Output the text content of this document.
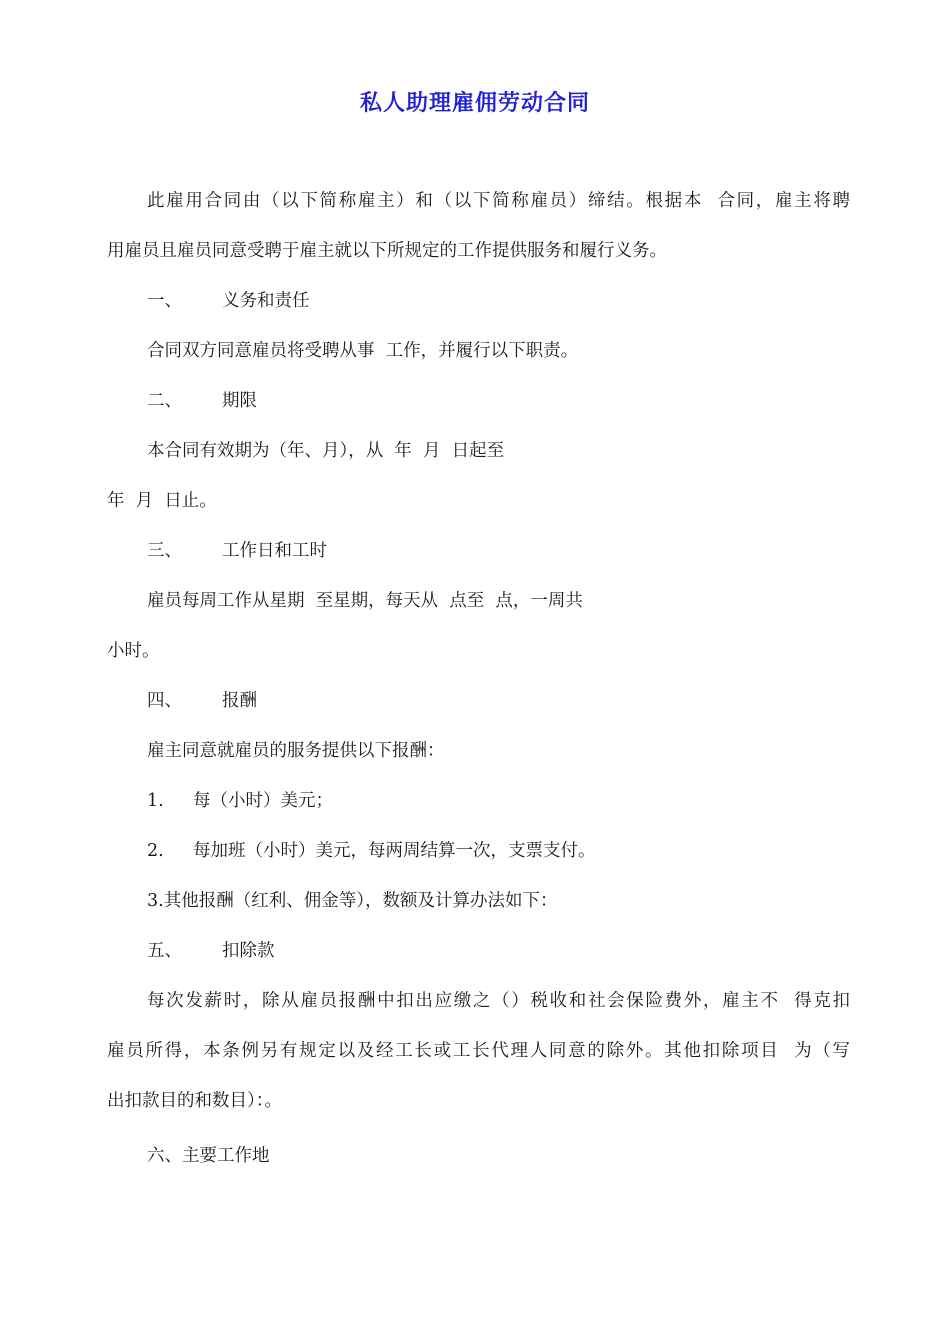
私人助理雇佣劳动合同
此雇用合同由（以下简称雇主）和（以下简称雇员）缔结。根据本  合同，雇主将聘
用雇员且雇员同意受聘于雇主就以下所规定的工作提供服务和履行义务。
一、 义务和责任
合同双方同意雇员将受聘从事  工作，并履行以下职责。
二、 期限
本合同有效期为（年、月），从  年  月  日起至
年  月  日止。
三、 工作日和工时
雇员每周工作从星期  至星期，每天从  点至  点，一周共
小时。
四、 报酬
雇主同意就雇员的服务提供以下报酬：
1. 每（小时）美元；
2. 每加班（小时）美元，每两周结算一次，支票支付。
3.其他报酬（红利、佣金等），数额及计算办法如下：
五、 扣除款
每次发薪时，除从雇员报酬中扣出应缴之（）税收和社会保险费外，雇主不  得克扣
雇员所得，本条例另有规定以及经工长或工长代理人同意的除外。其他扣除项目  为（写
出扣款目的和数目）：。
六、主要工作地
